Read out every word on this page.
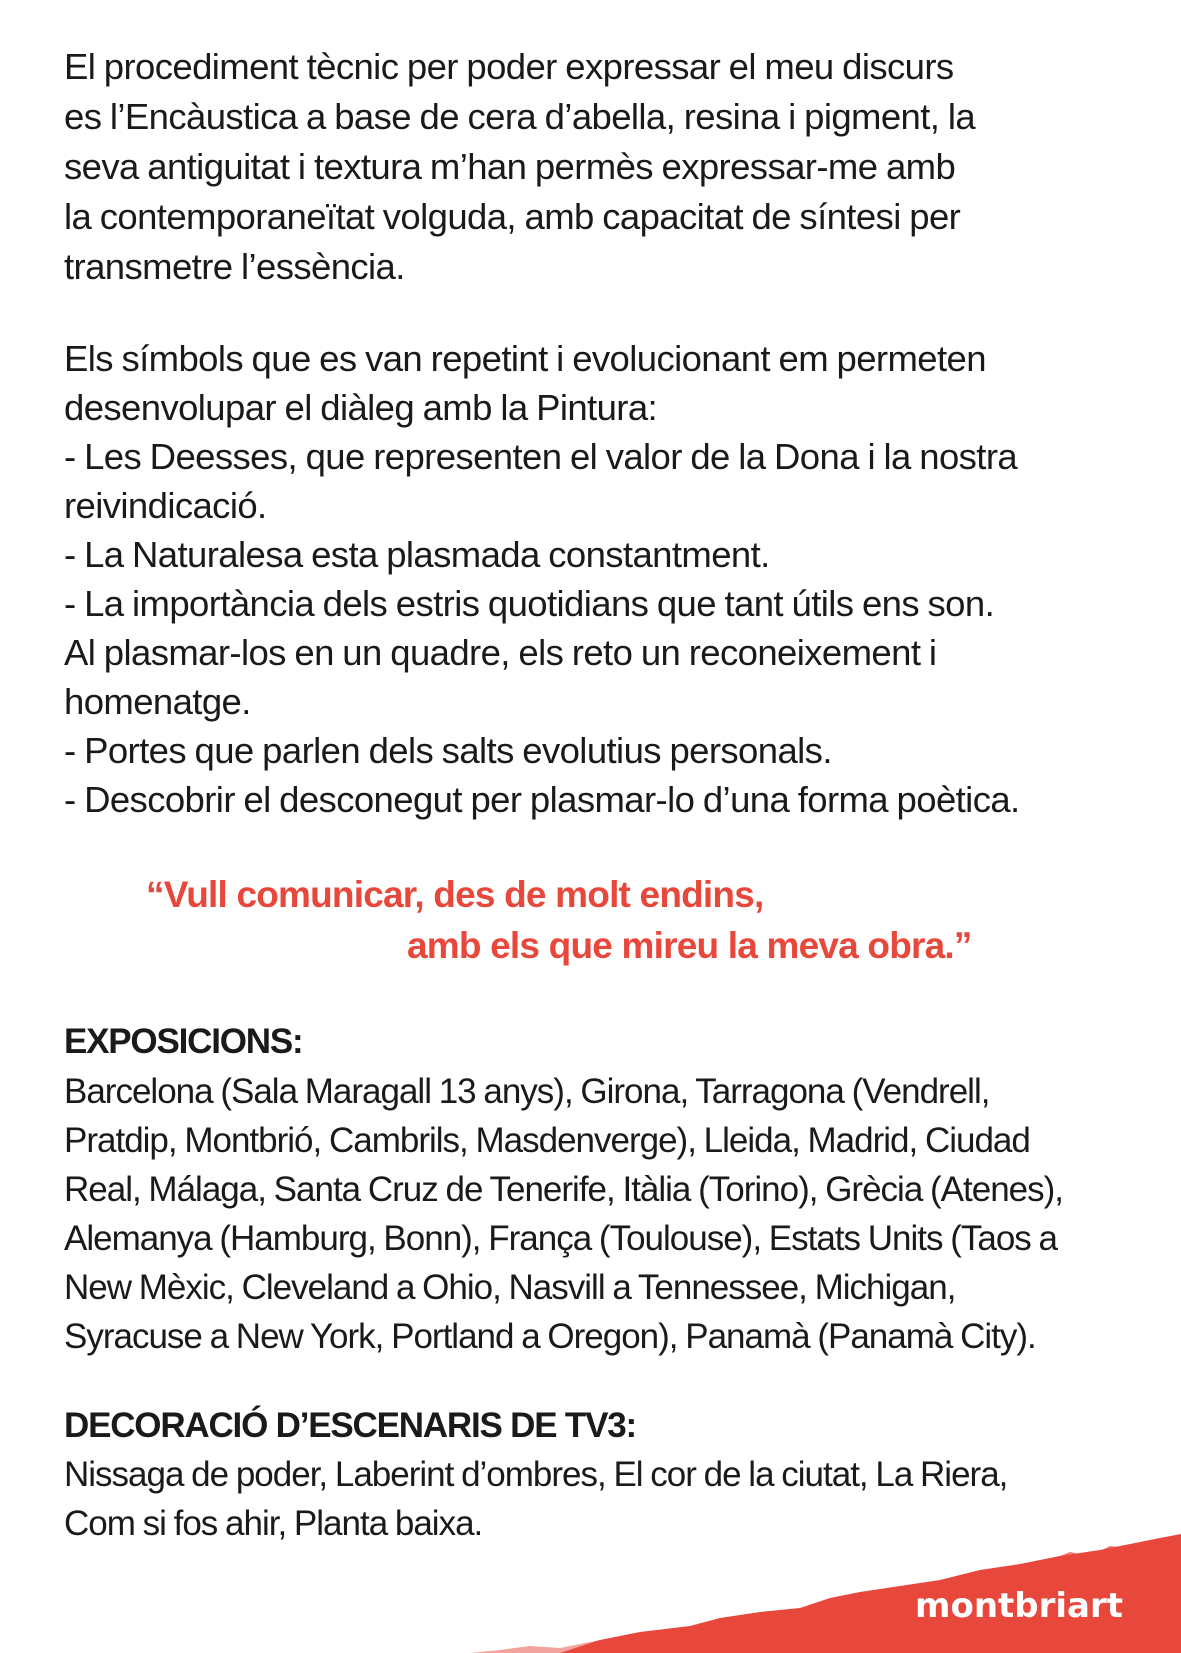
El procediment tècnic per poder expressar el meu discurs
es l’Encàustica a base de cera d’abella, resina i pigment, la
seva antiguitat i textura m’han permès expressar-me amb
la contemporaneïtat volguda, amb capacitat de síntesi per
transmetre l’essència.
Els símbols que es van repetint i evolucionant em permeten
desenvolupar el diàleg amb la Pintura:
- Les Deesses, que representen el valor de la Dona i la nostra
reivindicació.
- La Naturalesa esta plasmada constantment.
- La importància dels estris quotidians que tant útils ens son.
Al plasmar-los en un quadre, els reto un reconeixement i
homenatge.
- Portes que parlen dels salts evolutius personals.
- Descobrir el desconegut per plasmar-lo d’una forma poètica.
“Vull comunicar, des de molt endins,
amb els que mireu la meva obra.”
EXPOSICIONS:
Barcelona (Sala Maragall 13 anys), Girona, Tarragona (Vendrell,
Pratdip, Montbrió, Cambrils, Masdenverge), Lleida, Madrid, Ciudad
Real, Málaga, Santa Cruz de Tenerife, Itàlia (Torino), Grècia (Atenes),
Alemanya (Hamburg, Bonn), França (Toulouse), Estats Units (Taos a
New Mèxic, Cleveland a Ohio, Nasvill a Tennessee, Michigan,
Syracuse a New York, Portland a Oregon), Panamà (Panamà City).
DECORACIÓ D’ESCENARIS DE TV3:
Nissaga de poder, Laberint d’ombres, El cor de la ciutat, La Riera,
Com si fos ahir, Planta baixa.
montbriart
